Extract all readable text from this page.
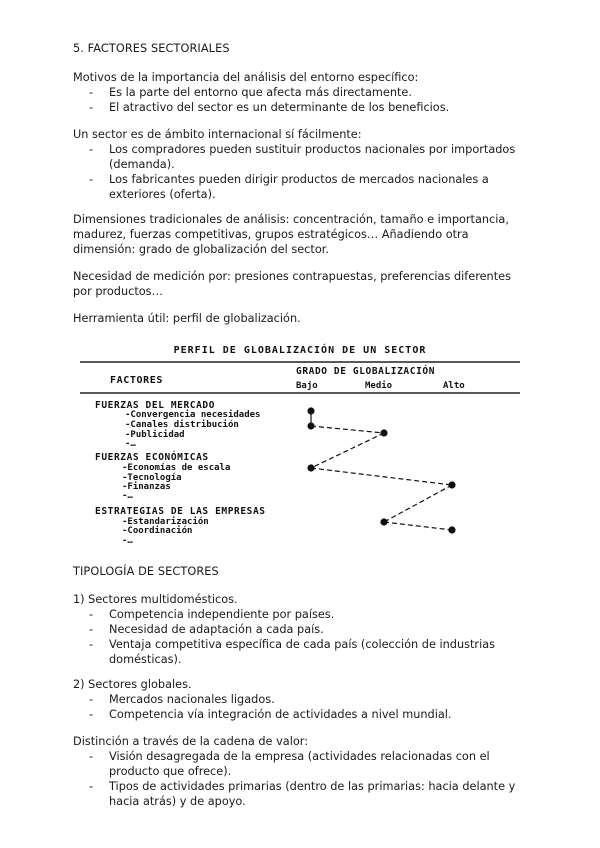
5. FACTORES SECTORIALES

Motivos de la importancia del análisis del entorno específico:

- Es la parte del entorno que afecta más directamente.
- El atractivo del sector es un determinante de los beneficios.

Un sector es de ámbito internacional sí fácilmente:

- Los compradores pueden sustituir productos nacionales por importados (demanda).
- Los fabricantes pueden dirigir productos de mercados nacionales a exteriores (oferta).

Dimensiones tradicionales de análisis: concentración, tamaño e importancia, madurez, fuerzas competitivas, grupos estratégicos… Añadiendo otra dimensión: grado de globalización del sector.

Necesidad de medición por: presiones contrapuestas, preferencias diferentes por productos…

Herramienta útil: perfil de globalización.

PERFIL DE GLOBALIZACIÓN DE UN SECTOR
FACTORES
GRADO DE GLOBALIZACIÓN
Bajo	Medio	Alto
FUERZAS DEL MERCADO
-Convergencia necesidades
-Canales distribución
-Publicidad
-…
FUERZAS ECONÓMICAS
-Economías de escala
-Tecnología
-Finanzas
-…
ESTRATEGIAS DE LAS EMPRESAS
-Estandarización
-Coordinación
-…

TIPOLOGÍA DE SECTORES

1) Sectores multidomésticos.

- Competencia independiente por países.
- Necesidad de adaptación a cada país.
- Ventaja competitiva específica de cada país (colección de industrias domésticas).

2) Sectores globales.

- Mercados nacionales ligados.
- Competencia vía integración de actividades a nivel mundial.

Distinción a través de la cadena de valor:

- Visión desagregada de la empresa (actividades relacionadas con el producto que ofrece).
- Tipos de actividades primarias (dentro de las primarias: hacia delante y hacia atrás) y de apoyo.
